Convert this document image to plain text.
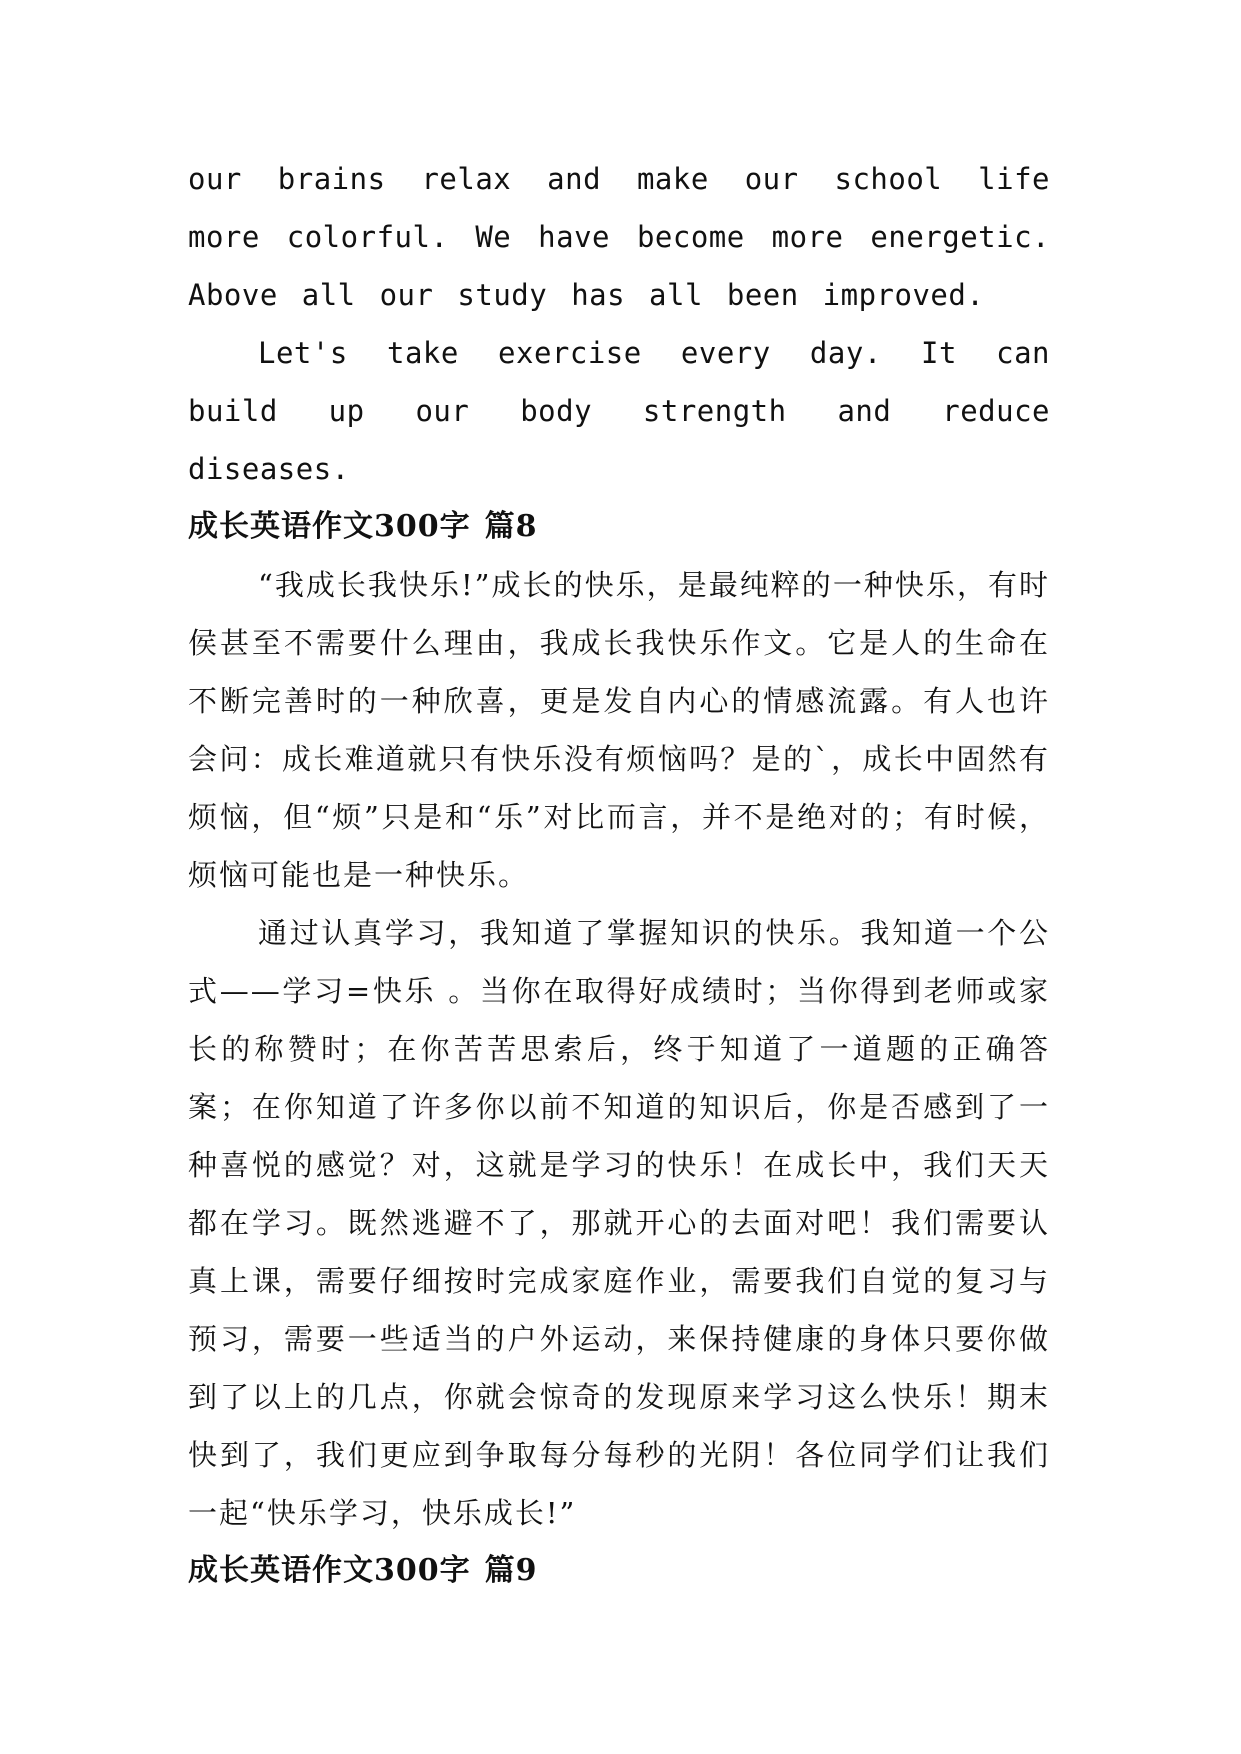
our brains relax and make our school life more colorful. We have become more energetic. Above all our study has all been improved.

Let's take exercise every day. It can build up our body strength and reduce diseases.

成长英语作文300字 篇8

“我成长我快乐!”成长的快乐，是最纯粹的一种快乐，有时侯甚至不需要什么理由，我成长我快乐作文。它是人的生命在不断完善时的一种欣喜，更是发自内心的情感流露。有人也许会问：成长难道就只有快乐没有烦恼吗？是的`，成长中固然有烦恼，但“烦”只是和“乐”对比而言，并不是绝对的；有时候，烦恼可能也是一种快乐。

通过认真学习，我知道了掌握知识的快乐。我知道一个公式——学习=快乐 。当你在取得好成绩时；当你得到老师或家长的称赞时；在你苦苦思索后，终于知道了一道题的正确答案；在你知道了许多你以前不知道的知识后，你是否感到了一种喜悦的感觉？对，这就是学习的快乐！在成长中，我们天天都在学习。既然逃避不了，那就开心的去面对吧！我们需要认真上课，需要仔细按时完成家庭作业，需要我们自觉的复习与预习，需要一些适当的户外运动，来保持健康的身体只要你做到了以上的几点，你就会惊奇的发现原来学习这么快乐！期末快到了，我们更应到争取每分每秒的光阴！各位同学们让我们一起“快乐学习，快乐成长!”

成长英语作文300字 篇9
